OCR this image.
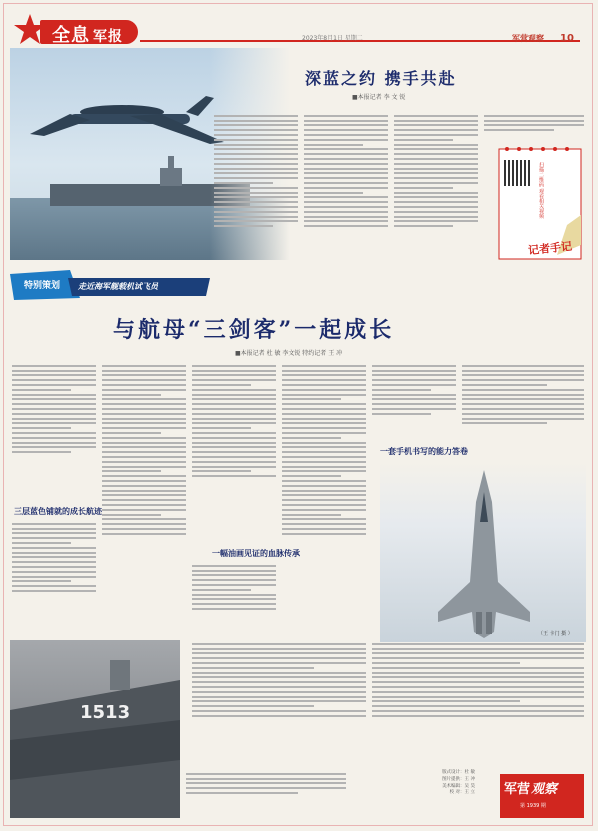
全息 军报	2023年8月1日 星期二	军营观察 10
深蓝之约 携手共赴
■本报记者 李 文 锐
扫描二维码 观看相关视频
记者手记
特别策划 走近海军舰载机试飞员
与航母“三剑客”一起成长
■本报记者 杜 敏 李文锐 特约记者 王 冲
三层蓝色铺就的成长航迹
一幅油画见证的血脉传承
一套手机书写的能力答卷
（王 卡门 摄 ）
1513
版式设计：杜 敏
图片提供：王 冲
美术编辑：吴 昊
校 对：王 立 军营 观察
第 1939 期
